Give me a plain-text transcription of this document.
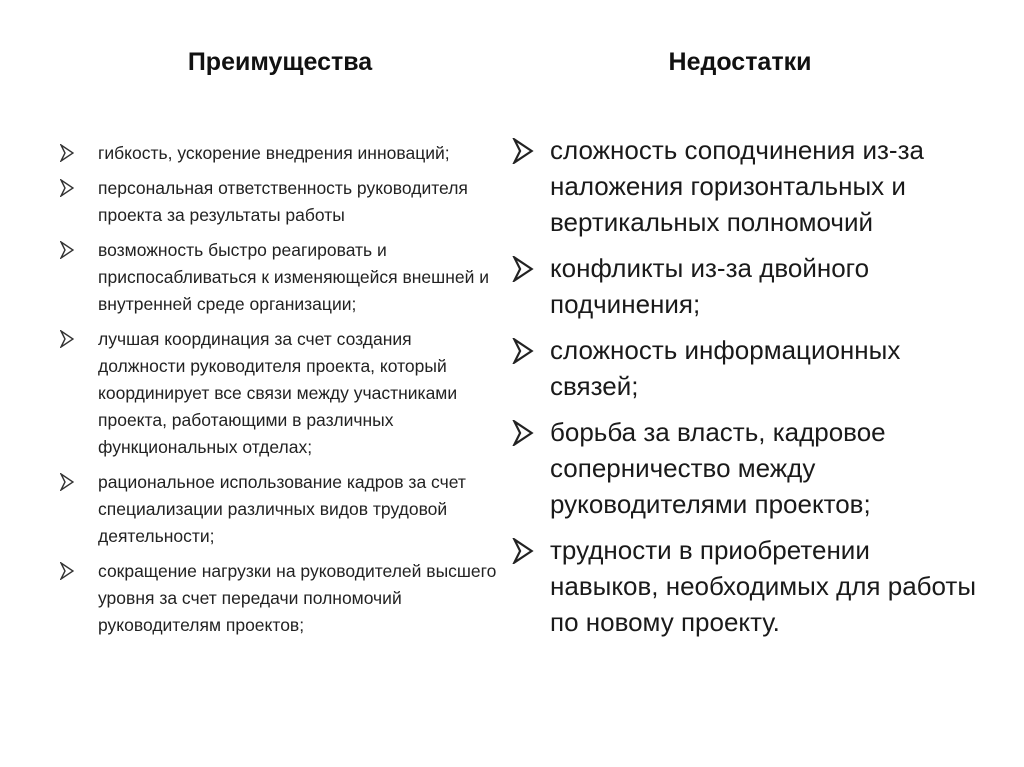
Преимущества	Недостатки
гибкость, ускорение внедрения инноваций;
персональная ответственность руководителя проекта за результаты работы
возможность быстро реагировать и приспосабливаться к изменяющейся внешней и внутренней среде организации;
лучшая координация за счет создания должности руководителя проекта, который координирует все связи между участниками проекта, работающими в различных функциональных отделах;
рациональное использование кадров за счет специализации различных видов трудовой деятельности;
сокращение нагрузки на руководителей высшего уровня за счет передачи полномочий руководителям проектов;
сложность соподчинения из-за наложения горизонтальных и вертикальных полномочий
конфликты из-за двойного подчинения;
сложность информационных связей;
борьба за власть, кадровое соперничество между руководителями проектов;
трудности в приобретении навыков, необходимых для работы по новому проекту.
